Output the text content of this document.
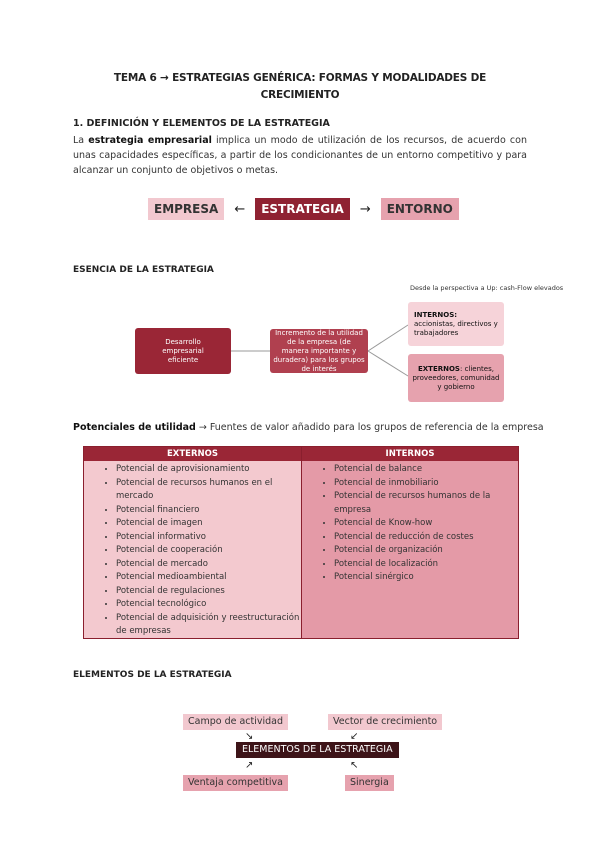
TEMA 6 → ESTRATEGIAS GENÉRICA: FORMAS Y MODALIDADES DE CRECIMIENTO
1. DEFINICIÓN Y ELEMENTOS DE LA ESTRATEGIA
La estrategia empresarial implica un modo de utilización de los recursos, de acuerdo con unas capacidades específicas, a partir de los condicionantes de un entorno competitivo y para alcanzar un conjunto de objetivos o metas.
EMPRESA	←	ESTRATEGIA	→	ENTORNO
ESENCIA DE LA ESTRATEGIA
Desde la perspectiva a Up: cash-Flow elevados
Desarrollo empresarial eficiente
Incremento de la utilidad de la empresa (de manera importante y duradera) para los grupos de interés
INTERNOS: accionistas, directivos y trabajadores
EXTERNOS: clientes, proveedores, comunidad y gobierno
Potenciales de utilidad → Fuentes de valor añadido para los grupos de referencia de la empresa
EXTERNOS
• Potencial de aprovisionamiento
• Potencial de recursos humanos en el mercado
• Potencial financiero
• Potencial de imagen
• Potencial informativo
• Potencial de cooperación
• Potencial de mercado
• Potencial medioambiental
• Potencial de regulaciones
• Potencial tecnológico
• Potencial de adquisición y reestructuración de empresas
INTERNOS
• Potencial de balance
• Potencial de inmobiliario
• Potencial de recursos humanos de la empresa
• Potencial de Know-how
• Potencial de reducción de costes
• Potencial de organización
• Potencial de localización
• Potencial sinérgico
ELEMENTOS DE LA ESTRATEGIA
Campo de actividad	Vector de crecimiento
↘	↙
ELEMENTOS DE LA ESTRATEGIA
↗	↖
Ventaja competitiva	Sinergia
